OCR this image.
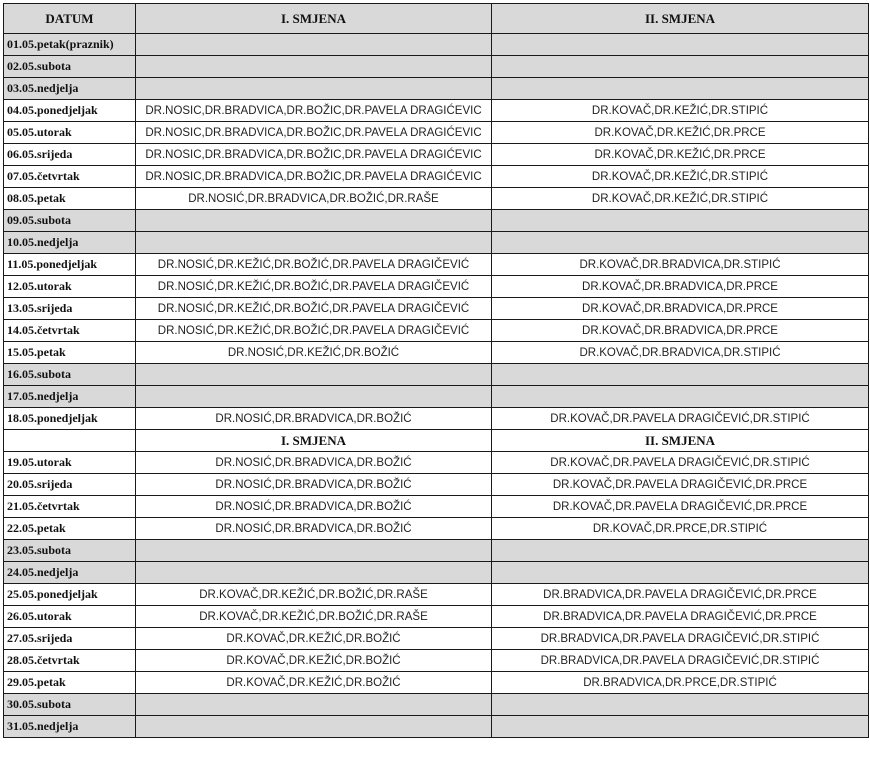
DATUM	I. SMJENA	II. SMJENA
01.05.petak(praznik)		
02.05.subota		
03.05.nedjelja		
04.05.ponedjeljak	DR.NOSIC,DR.BRADVICA,DR.BOŽIC,DR.PAVELA DRAGIĆEVIC	DR.KOVAČ,DR.KEŽIĆ,DR.STIPIĆ
05.05.utorak	DR.NOSIC,DR.BRADVICA,DR.BOŽIC,DR.PAVELA DRAGIĆEVIC	DR.KOVAČ,DR.KEŽIĆ,DR.PRCE
06.05.srijeda	DR.NOSIC,DR.BRADVICA,DR.BOŽIC,DR.PAVELA DRAGIĆEVIC	DR.KOVAČ,DR.KEŽIĆ,DR.PRCE
07.05.četvrtak	DR.NOSIC,DR.BRADVICA,DR.BOŽIC,DR.PAVELA DRAGIĆEVIC	DR.KOVAČ,DR.KEŽIĆ,DR.STIPIĆ
08.05.petak	DR.NOSIĆ,DR.BRADVICA,DR.BOŽIĆ,DR.RAŠE	DR.KOVAČ,DR.KEŽIĆ,DR.STIPIĆ
09.05.subota		
10.05.nedjelja		
11.05.ponedjeljak	DR.NOSIĆ,DR.KEŽIĆ,DR.BOŽIĆ,DR.PAVELA DRAGIČEVIĆ	DR.KOVAČ,DR.BRADVICA,DR.STIPIĆ
12.05.utorak	DR.NOSIĆ,DR.KEŽIĆ,DR.BOŽIĆ,DR.PAVELA DRAGIČEVIĆ	DR.KOVAČ,DR.BRADVICA,DR.PRCE
13.05.srijeda	DR.NOSIĆ,DR.KEŽIĆ,DR.BOŽIĆ,DR.PAVELA DRAGIČEVIĆ	DR.KOVAČ,DR.BRADVICA,DR.PRCE
14.05.četvrtak	DR.NOSIĆ,DR.KEŽIĆ,DR.BOŽIĆ,DR.PAVELA DRAGIČEVIĆ	DR.KOVAČ,DR.BRADVICA,DR.PRCE
15.05.petak	DR.NOSIĆ,DR.KEŽIĆ,DR.BOŽIĆ	DR.KOVAČ,DR.BRADVICA,DR.STIPIĆ
16.05.subota		
17.05.nedjelja		
18.05.ponedjeljak	DR.NOSIĆ,DR.BRADVICA,DR.BOŽIĆ	DR.KOVAČ,DR.PAVELA DRAGIČEVIĆ,DR.STIPIĆ
	I. SMJENA	II. SMJENA
19.05.utorak	DR.NOSIĆ,DR.BRADVICA,DR.BOŽIĆ	DR.KOVAČ,DR.PAVELA DRAGIČEVIĆ,DR.STIPIĆ
20.05.srijeda	DR.NOSIĆ,DR.BRADVICA,DR.BOŽIĆ	DR.KOVAČ,DR.PAVELA DRAGIČEVIĆ,DR.PRCE
21.05.četvrtak	DR.NOSIĆ,DR.BRADVICA,DR.BOŽIĆ	DR.KOVAČ,DR.PAVELA DRAGIČEVIĆ,DR.PRCE
22.05.petak	DR.NOSIĆ,DR.BRADVICA,DR.BOŽIĆ	DR.KOVAČ,DR.PRCE,DR.STIPIĆ
23.05.subota		
24.05.nedjelja		
25.05.ponedjeljak	DR.KOVAČ,DR.KEŽIĆ,DR.BOŽIĆ,DR.RAŠE	DR.BRADVICA,DR.PAVELA DRAGIČEVIĆ,DR.PRCE
26.05.utorak	DR.KOVAČ,DR.KEŽIĆ,DR.BOŽIĆ,DR.RAŠE	DR.BRADVICA,DR.PAVELA DRAGIČEVIĆ,DR.PRCE
27.05.srijeda	DR.KOVAČ,DR.KEŽIĆ,DR.BOŽIĆ	DR.BRADVICA,DR.PAVELA DRAGIČEVIĆ,DR.STIPIĆ
28.05.četvrtak	DR.KOVAČ,DR.KEŽIĆ,DR.BOŽIĆ	DR.BRADVICA,DR.PAVELA DRAGIČEVIĆ,DR.STIPIĆ
29.05.petak	DR.KOVAČ,DR.KEŽIĆ,DR.BOŽIĆ	DR.BRADVICA,DR.PRCE,DR.STIPIĆ
30.05.subota		
31.05.nedjelja		
